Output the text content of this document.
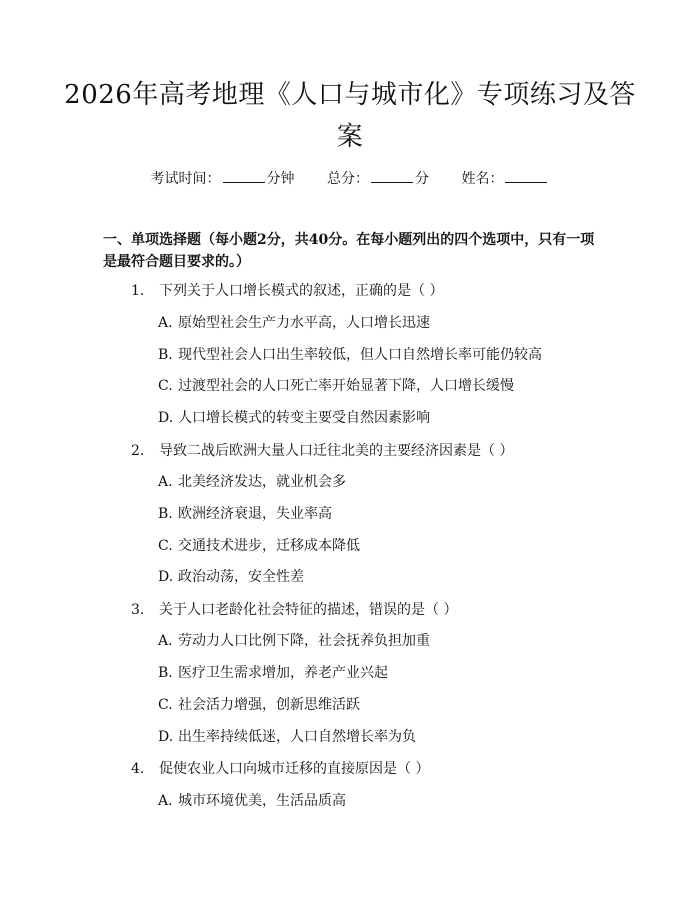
2026年高考地理《人口与城市化》专项练习及答案
考试时间：	分钟 总分：	分 姓名：
一、单项选择题（每小题2分，共40分。在每小题列出的四个选项中，只有一项是最符合题目要求的。）
1. 下列关于人口增长模式的叙述，正确的是（ ）
A. 原始型社会生产力水平高，人口增长迅速
B. 现代型社会人口出生率较低，但人口自然增长率可能仍较高
C. 过渡型社会的人口死亡率开始显著下降，人口增长缓慢
D. 人口增长模式的转变主要受自然因素影响
2. 导致二战后欧洲大量人口迁往北美的主要经济因素是（ ）
A. 北美经济发达，就业机会多
B. 欧洲经济衰退，失业率高
C. 交通技术进步，迁移成本降低
D. 政治动荡，安全性差
3. 关于人口老龄化社会特征的描述，错误的是（ ）
A. 劳动力人口比例下降，社会抚养负担加重
B. 医疗卫生需求增加，养老产业兴起
C. 社会活力增强，创新思维活跃
D. 出生率持续低迷，人口自然增长率为负
4. 促使农业人口向城市迁移的直接原因是（ ）
A. 城市环境优美，生活品质高
